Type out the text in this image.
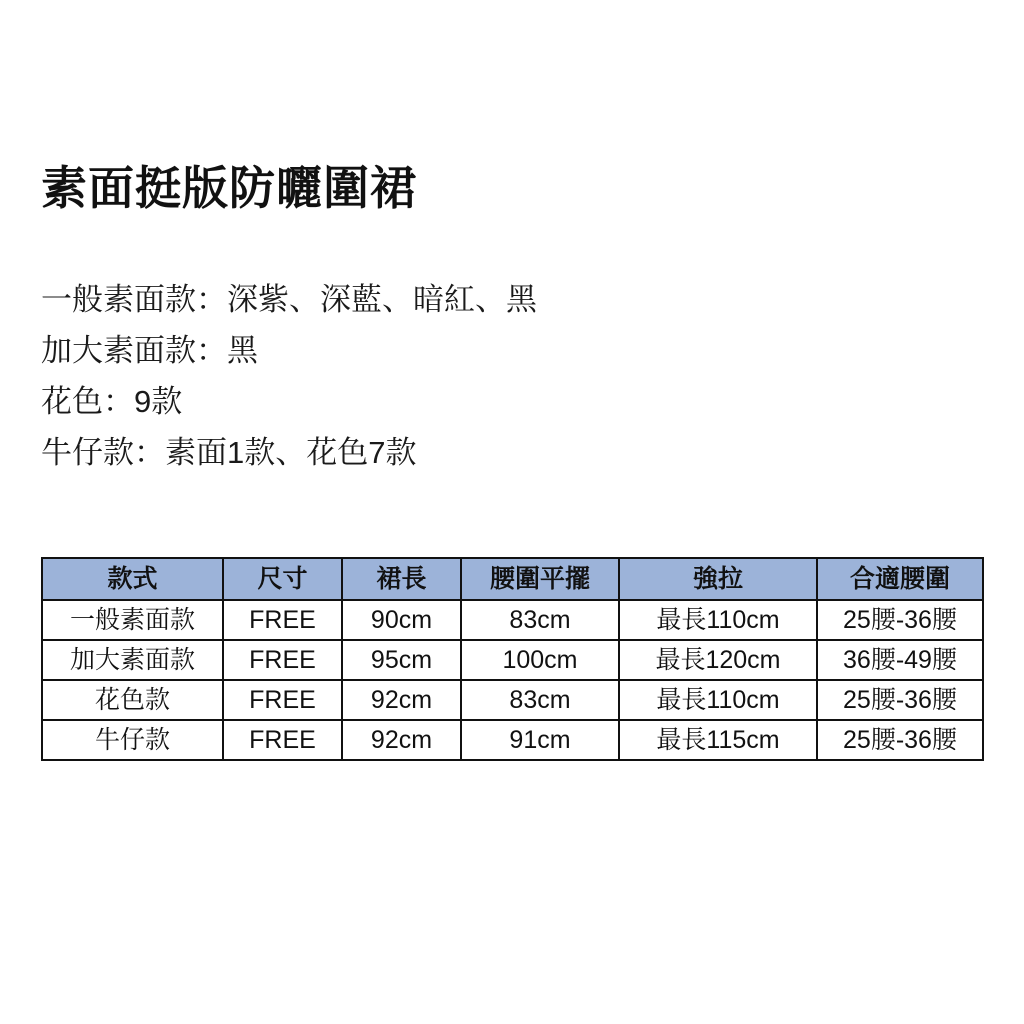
素面挺版防曬圍裙
一般素面款：深紫、深藍、暗紅、黑
加大素面款：黑
花色：9款
牛仔款：素面1款、花色7款
款式	尺寸	裙長	腰圍平擺	強拉	合適腰圍
一般素面款	FREE	90cm	83cm	最長110cm	25腰-36腰
加大素面款	FREE	95cm	100cm	最長120cm	36腰-49腰
花色款	FREE	92cm	83cm	最長110cm	25腰-36腰
牛仔款	FREE	92cm	91cm	最長115cm	25腰-36腰
